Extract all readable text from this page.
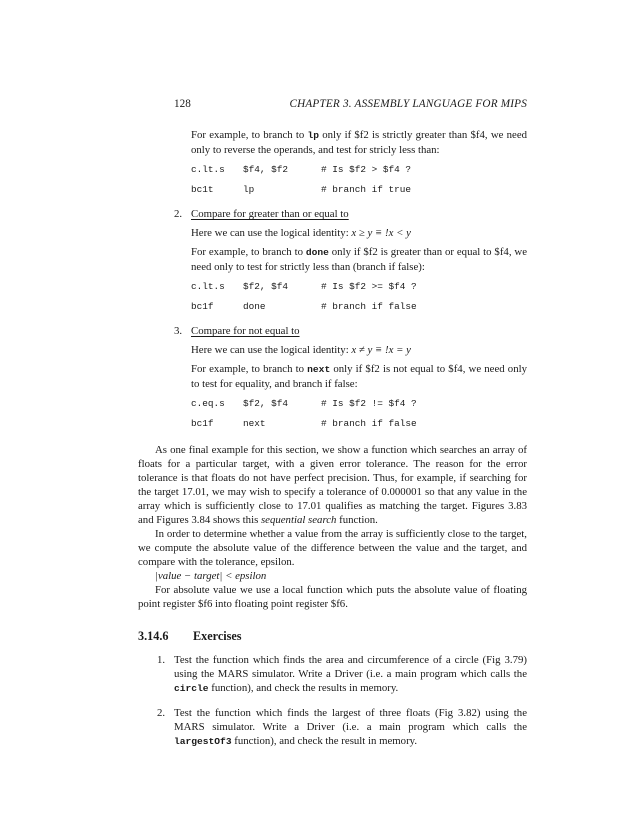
128	CHAPTER 3. ASSEMBLY LANGUAGE FOR MIPS

For example, to branch to lp only if $f2 is strictly greater than $f4, we need only to reverse the operands, and test for stricly less than:

c.lt.s	$f4, $f2	# Is $f2 > $f4 ?
bc1t	lp	# branch if true
2. Compare for greater than or equal to

Here we can use the logical identity: x ≥ y ≡ !x < y

For example, to branch to done only if $f2 is greater than or equal to $f4, we need only to test for strictly less than (branch if false):

c.lt.s	$f2, $f4	# Is $f2 >= $f4 ?
bc1f	done	# branch if false
3. Compare for not equal to

Here we can use the logical identity: x ≠ y ≡ !x = y

For example, to branch to next only if $f2 is not equal to $f4, we need only to test for equality, and branch if false:

c.eq.s	$f2, $f4	# Is $f2 != $f4 ?
bc1f	next	# branch if false

As one final example for this section, we show a function which searches an array of floats for a particular target, with a given error tolerance. The reason for the error tolerance is that floats do not have perfect precision. Thus, for example, if searching for the target 17.01, we may wish to specify a tolerance of 0.000001 so that any value in the array which is sufficiently close to 17.01 qualifies as matching the target. Figures 3.83 and Figures 3.84 shows this sequential search function.

In order to determine whether a value from the array is sufficiently close to the target, we compute the absolute value of the difference between the value and the target, and compare with the tolerance, epsilon.

|value − target| < epsilon

For absolute value we use a local function which puts the absolute value of floating point register $f6 into floating point register $f6.

3.14.6	Exercises
1. Test the function which finds the area and circumference of a circle (Fig 3.79) using the MARS simulator. Write a Driver (i.e. a main program which calls the circle function), and check the results in memory.
2. Test the function which finds the largest of three floats (Fig 3.82) using the MARS simulator. Write a Driver (i.e. a main program which calls the largestOf3 function), and check the result in memory.
